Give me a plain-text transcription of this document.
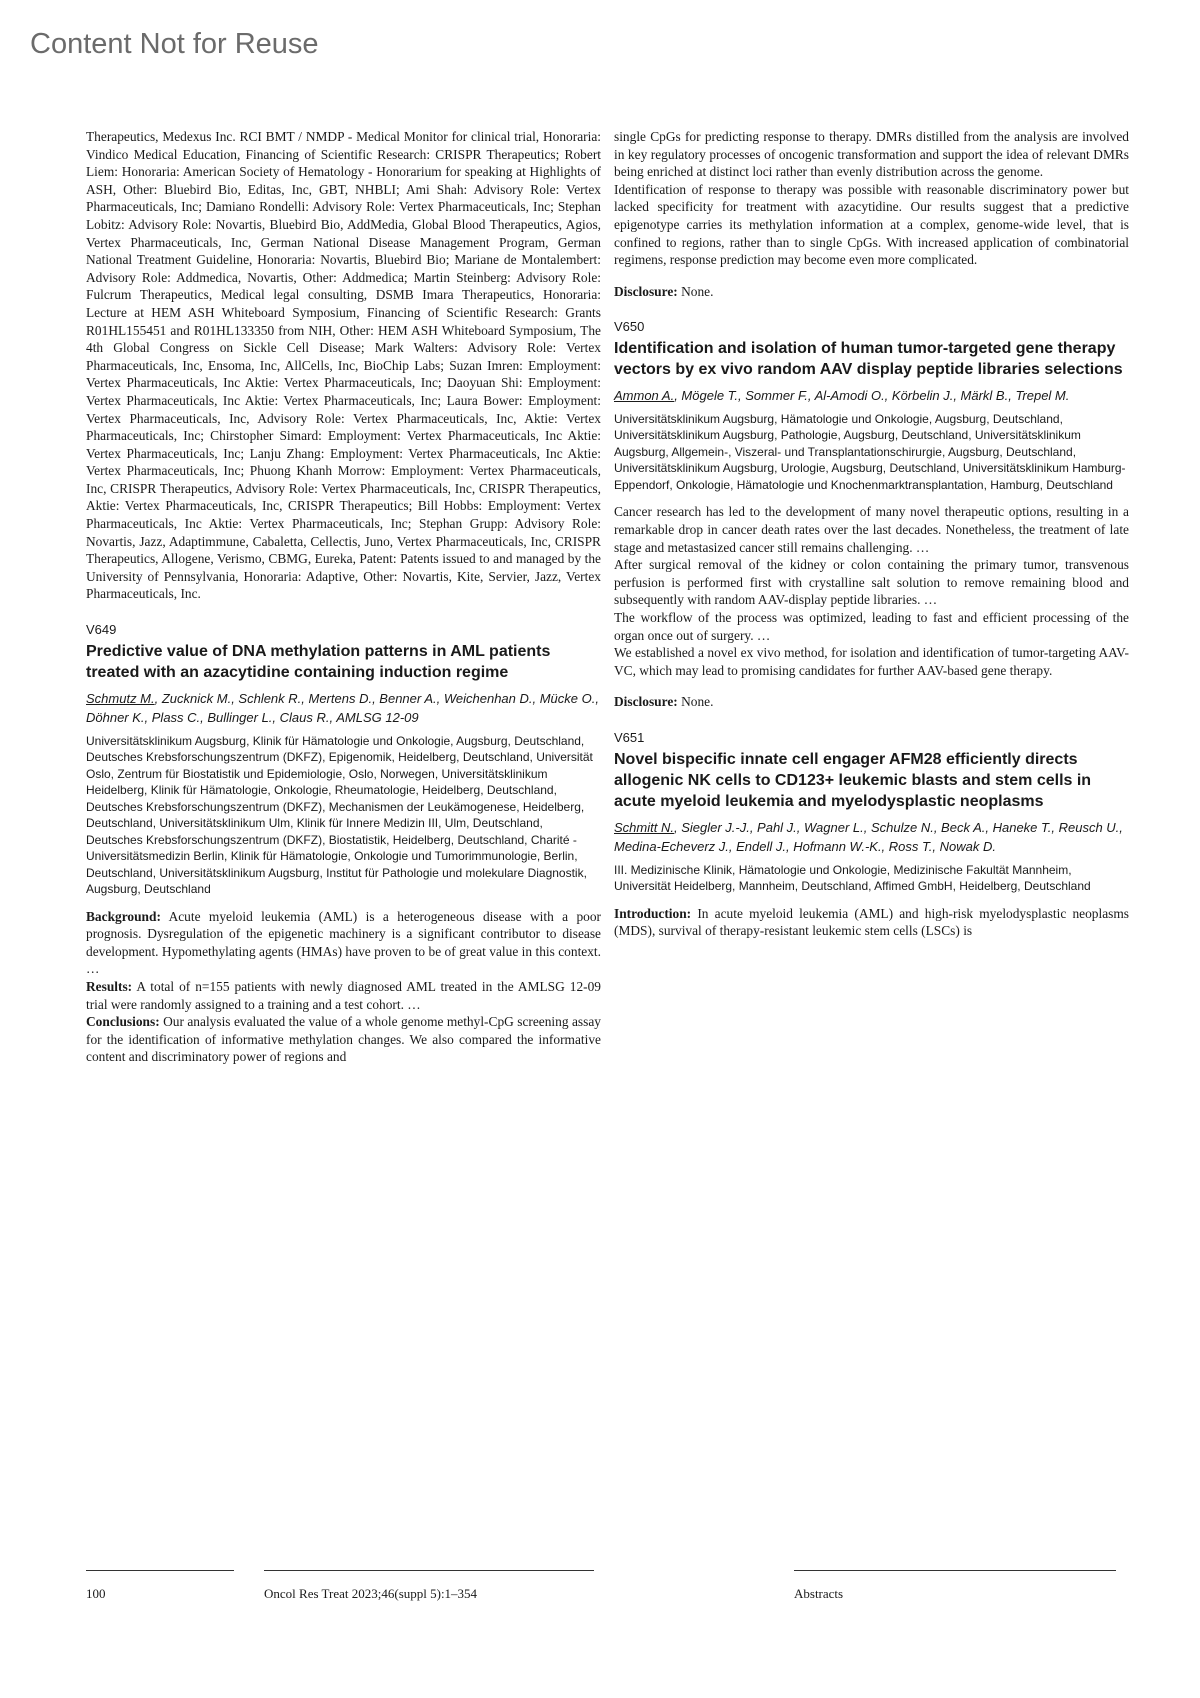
Content Not for Reuse

Therapeutics, Medexus Inc. RCI BMT / NMDP - Medical Monitor for clinical trial, Honoraria: Vindico Medical Education, Financing of Scientific Research: CRISPR Therapeutics; Robert Liem: Honoraria: American Society of Hematology - Honorarium for speaking at Highlights of ASH, Other: Bluebird Bio, Editas, Inc, GBT, NHBLI; Ami Shah: Advisory Role: Vertex Pharmaceuticals, Inc; Damiano Rondelli: Advisory Role: Vertex Pharmaceuticals, Inc; Stephan Lobitz: Advisory Role: Novartis, Bluebird Bio, AddMedia, Global Blood Therapeutics, Agios, Vertex Pharmaceuticals, Inc, German National Disease Management Program, German National Treatment Guideline, Honoraria: Novartis, Bluebird Bio; Mariane de Montalembert: Advisory Role: Addmedica, Novartis, Other: Addmedica; Martin Steinberg: Advisory Role: Fulcrum Therapeutics, Medical legal consulting, DSMB Imara Therapeutics, Honoraria: Lecture at HEM ASH Whiteboard Symposium, Financing of Scientific Research: Grants R01HL155451 and R01HL133350 from NIH, Other: HEM ASH Whiteboard Symposium, The 4th Global Congress on Sickle Cell Disease; Mark Walters: Advisory Role: Vertex Pharmaceuticals, Inc, Ensoma, Inc, AllCells, Inc, BioChip Labs; Suzan Imren: Employment: Vertex Pharmaceuticals, Inc Aktie: Vertex Pharmaceuticals, Inc; Daoyuan Shi: Employment: Vertex Pharmaceuticals, Inc Aktie: Vertex Pharmaceuticals, Inc; Laura Bower: Employment: Vertex Pharmaceuticals, Inc, Advisory Role: Vertex Pharmaceuticals, Inc, Aktie: Vertex Pharmaceuticals, Inc; Chirstopher Simard: Employment: Vertex Pharmaceuticals, Inc Aktie: Vertex Pharmaceuticals, Inc; Lanju Zhang: Employment: Vertex Pharmaceuticals, Inc Aktie: Vertex Pharmaceuticals, Inc; Phuong Khanh Morrow: Employment: Vertex Pharmaceuticals, Inc, CRISPR Therapeutics, Advisory Role: Vertex Pharmaceuticals, Inc, CRISPR Therapeutics, Aktie: Vertex Pharmaceuticals, Inc, CRISPR Therapeutics; Bill Hobbs: Employment: Vertex Pharmaceuticals, Inc Aktie: Vertex Pharmaceuticals, Inc; Stephan Grupp: Advisory Role: Novartis, Jazz, Adaptimmune, Cabaletta, Cellectis, Juno, Vertex Pharmaceuticals, Inc, CRISPR Therapeutics, Allogene, Verismo, CBMG, Eureka, Patent: Patents issued to and managed by the University of Pennsylvania, Honoraria: Adaptive, Other: Novartis, Kite, Servier, Jazz, Vertex Pharmaceuticals, Inc.

V649
Predictive value of DNA methylation patterns in AML patients treated with an azacytidine containing induction regime
Schmutz M., Zucknick M., Schlenk R., Mertens D., Benner A., Weichenhan D., Mücke O., Döhner K., Plass C., Bullinger L., Claus R., AMLSG 12-09
Universitätsklinikum Augsburg, Klinik für Hämatologie und Onkologie, Augsburg, Deutschland, Deutsches Krebsforschungszentrum (DKFZ), Epigenomik, Heidelberg, Deutschland, Universität Oslo, Zentrum für Biostatistik und Epidemiologie, Oslo, Norwegen, Universitätsklinikum Heidelberg, Klinik für Hämatologie, Onkologie, Rheumatologie, Heidelberg, Deutschland, Deutsches Krebsforschungszentrum (DKFZ), Mechanismen der Leukämogenese, Heidelberg, Deutschland, Universitätsklinikum Ulm, Klinik für Innere Medizin III, Ulm, Deutschland, Deutsches Krebsforschungszentrum (DKFZ), Biostatistik, Heidelberg, Deutschland, Charité - Universitätsmedizin Berlin, Klinik für Hämatologie, Onkologie und Tumorimmunologie, Berlin, Deutschland, Universitätsklinikum Augsburg, Institut für Pathologie und molekulare Diagnostik, Augsburg, Deutschland

Background: Acute myeloid leukemia (AML) is a heterogeneous disease with a poor prognosis. Dysregulation of the epigenetic machinery is a significant contributor to disease development. Hypomethylating agents (HMAs) have proven to be of great value in this context. …

Results: A total of n=155 patients with newly diagnosed AML treated in the AMLSG 12-09 trial were randomly assigned to a training and a test cohort. …

Conclusions: Our analysis evaluated the value of a whole genome methyl-CpG screening assay for the identification of informative methylation changes. We also compared the informative content and discriminatory power of regions and

single CpGs for predicting response to therapy. DMRs distilled from the analysis are involved in key regulatory processes of oncogenic transformation and support the idea of relevant DMRs being enriched at distinct loci rather than evenly distribution across the genome.

Identification of response to therapy was possible with reasonable discriminatory power but lacked specificity for treatment with azacytidine. Our results suggest that a predictive epigenotype carries its methylation information at a complex, genome-wide level, that is confined to regions, rather than to single CpGs. With increased application of combinatorial regimens, response prediction may become even more complicated.

Disclosure: None.

V650
Identification and isolation of human tumor-targeted gene therapy vectors by ex vivo random AAV display peptide libraries selections
Ammon A., Mögele T., Sommer F., Al-Amodi O., Körbelin J., Märkl B., Trepel M.
Universitätsklinikum Augsburg, Hämatologie und Onkologie, Augsburg, Deutschland, Universitätsklinikum Augsburg, Pathologie, Augsburg, Deutschland, Universitätsklinikum Augsburg, Allgemein-, Viszeral- und Transplantationschirurgie, Augsburg, Deutschland, Universitätsklinikum Augsburg, Urologie, Augsburg, Deutschland, Universitätsklinikum Hamburg-Eppendorf, Onkologie, Hämatologie und Knochenmarktransplantation, Hamburg, Deutschland

Cancer research has led to the development of many novel therapeutic options, resulting in a remarkable drop in cancer death rates over the last decades. Nonetheless, the treatment of late stage and metastasized cancer still remains challenging. …

After surgical removal of the kidney or colon containing the primary tumor, transvenous perfusion is performed first with crystalline salt solution to remove remaining blood and subsequently with random AAV-display peptide libraries. …

The workflow of the process was optimized, leading to fast and efficient processing of the organ once out of surgery. …

We established a novel ex vivo method, for isolation and identification of tumor-targeting AAV-VC, which may lead to promising candidates for further AAV-based gene therapy.

Disclosure: None.

V651
Novel bispecific innate cell engager AFM28 efficiently directs allogenic NK cells to CD123+ leukemic blasts and stem cells in acute myeloid leukemia and myelodysplastic neoplasms
Schmitt N., Siegler J.-J., Pahl J., Wagner L., Schulze N., Beck A., Haneke T., Reusch U., Medina-Echeverz J., Endell J., Hofmann W.-K., Ross T., Nowak D.
III. Medizinische Klinik, Hämatologie und Onkologie, Medizinische Fakultät Mannheim, Universität Heidelberg, Mannheim, Deutschland, Affimed GmbH, Heidelberg, Deutschland

Introduction: In acute myeloid leukemia (AML) and high-risk myelodysplastic neoplasms (MDS), survival of therapy-resistant leukemic stem cells (LSCs) is

100	Oncol Res Treat 2023;46(suppl 5):1–354	Abstracts
